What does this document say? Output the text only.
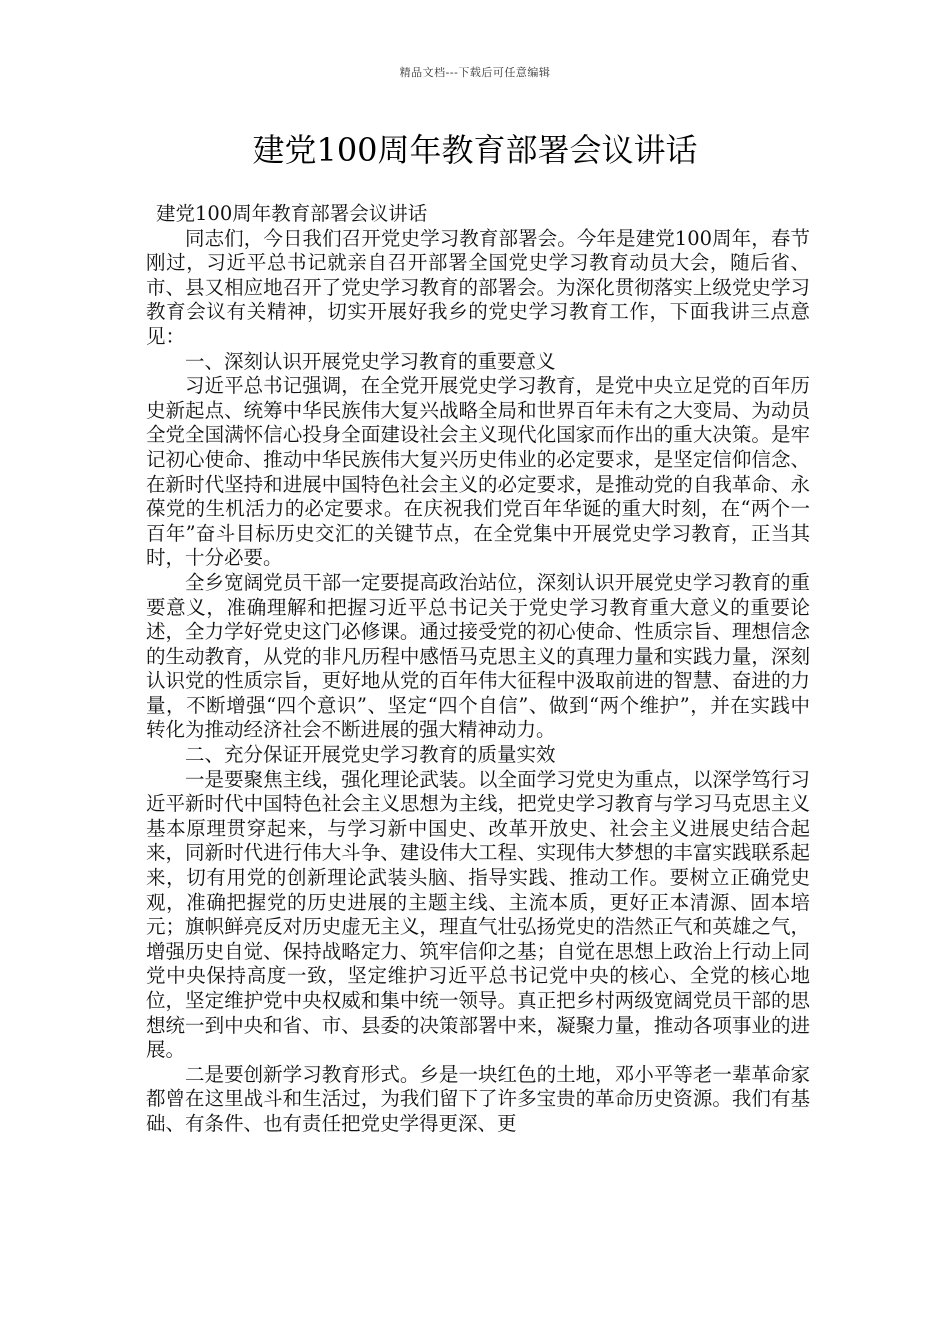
精品文档---下载后可任意编辑
建党100周年教育部署会议讲话

建党100周年教育部署会议讲话

同志们，今日我们召开党史学习教育部署会。今年是建党100周年，春节刚过，习近平总书记就亲自召开部署全国党史学习教育动员大会，随后省、市、县又相应地召开了党史学习教育的部署会。为深化贯彻落实上级党史学习教育会议有关精神，切实开展好我乡的党史学习教育工作，下面我讲三点意见：

一、深刻认识开展党史学习教育的重要意义

习近平总书记强调，在全党开展党史学习教育，是党中央立足党的百年历史新起点、统筹中华民族伟大复兴战略全局和世界百年未有之大变局、为动员全党全国满怀信心投身全面建设社会主义现代化国家而作出的重大决策。是牢记初心使命、推动中华民族伟大复兴历史伟业的必定要求，是坚定信仰信念、在新时代坚持和进展中国特色社会主义的必定要求，是推动党的自我革命、永葆党的生机活力的必定要求。在庆祝我们党百年华诞的重大时刻，在“两个一百年”奋斗目标历史交汇的关键节点，在全党集中开展党史学习教育，正当其时，十分必要。

全乡宽阔党员干部一定要提高政治站位，深刻认识开展党史学习教育的重要意义，准确理解和把握习近平总书记关于党史学习教育重大意义的重要论述，全力学好党史这门必修课。通过接受党的初心使命、性质宗旨、理想信念的生动教育，从党的非凡历程中感悟马克思主义的真理力量和实践力量，深刻认识党的性质宗旨，更好地从党的百年伟大征程中汲取前进的智慧、奋进的力量，不断增强“四个意识”、坚定“四个自信”、做到“两个维护”，并在实践中转化为推动经济社会不断进展的强大精神动力。

二、充分保证开展党史学习教育的质量实效

一是要聚焦主线，强化理论武装。以全面学习党史为重点，以深学笃行习近平新时代中国特色社会主义思想为主线，把党史学习教育与学习马克思主义基本原理贯穿起来，与学习新中国史、改革开放史、社会主义进展史结合起来，同新时代进行伟大斗争、建设伟大工程、实现伟大梦想的丰富实践联系起来，切有用党的创新理论武装头脑、指导实践、推动工作。要树立正确党史观，准确把握党的历史进展的主题主线、主流本质，更好正本清源、固本培元；旗帜鲜亮反对历史虚无主义，理直气壮弘扬党史的浩然正气和英雄之气，增强历史自觉、保持战略定力、筑牢信仰之基；自觉在思想上政治上行动上同党中央保持高度一致，坚定维护习近平总书记党中央的核心、全党的核心地位，坚定维护党中央权威和集中统一领导。真正把乡村两级宽阔党员干部的思想统一到中央和省、市、县委的决策部署中来，凝聚力量，推动各项事业的进展。

二是要创新学习教育形式。乡是一块红色的土地，邓小平等老一辈革命家都曾在这里战斗和生活过，为我们留下了许多宝贵的革命历史资源。我们有基础、有条件、也有责任把党史学得更深、更
